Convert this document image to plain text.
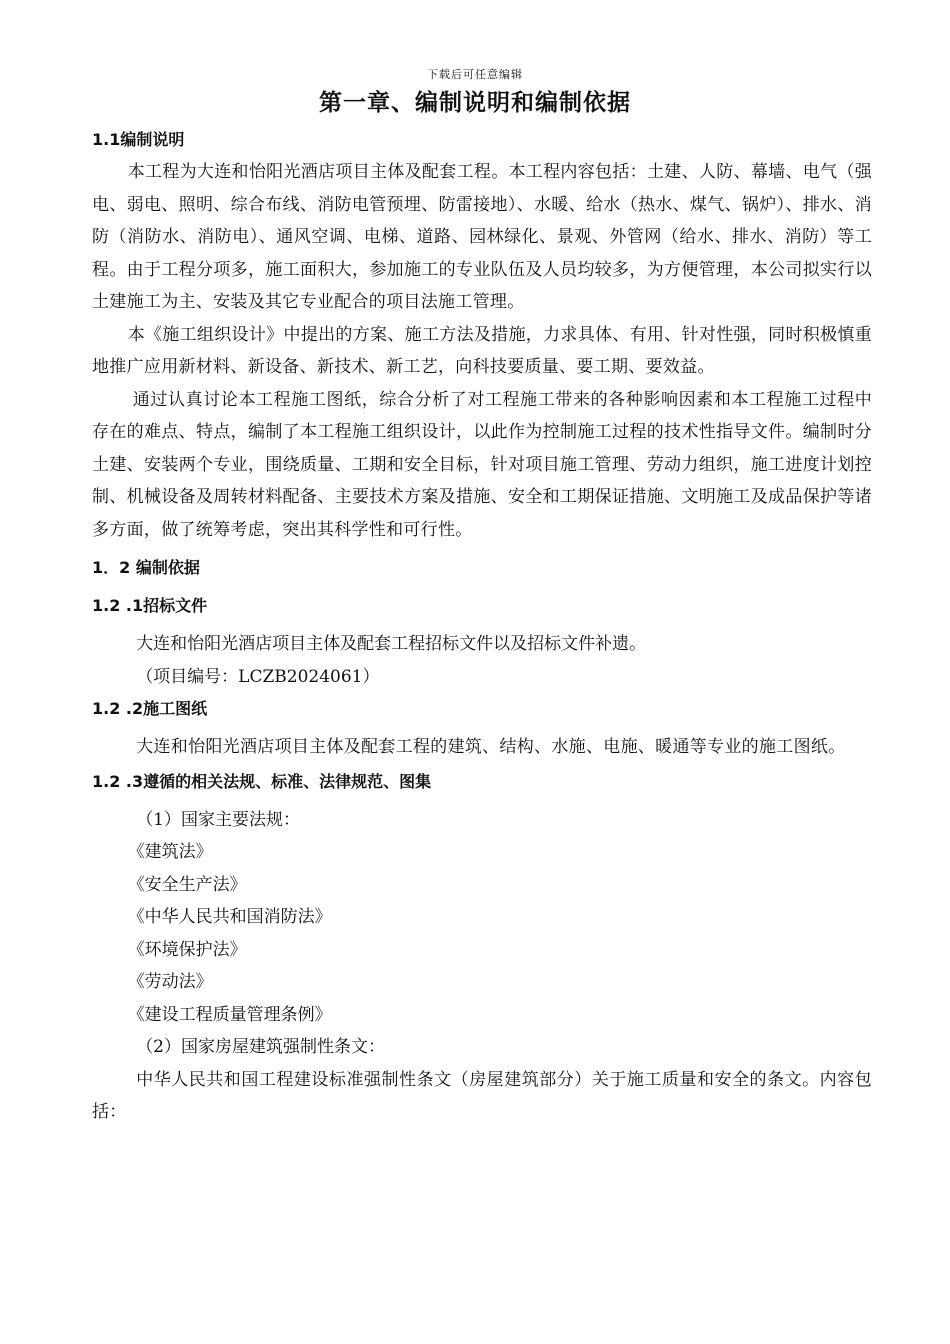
下载后可任意编辑
第一章、编制说明和编制依据
1.1编制说明

本工程为大连和怡阳光酒店项目主体及配套工程。本工程内容包括：土建、人防、幕墙、电气（强电、弱电、照明、综合布线、消防电管预埋、防雷接地）、水暖、给水（热水、煤气、锅炉）、排水、消防（消防水、消防电）、通风空调、电梯、道路、园林绿化、景观、外管网（给水、排水、消防）等工程。由于工程分项多，施工面积大，参加施工的专业队伍及人员均较多，为方便管理，本公司拟实行以土建施工为主、安装及其它专业配合的项目法施工管理。

本《施工组织设计》中提出的方案、施工方法及措施，力求具体、有用、针对性强，同时积极慎重地推广应用新材料、新设备、新技术、新工艺，向科技要质量、要工期、要效益。

通过认真讨论本工程施工图纸，综合分析了对工程施工带来的各种影响因素和本工程施工过程中存在的难点、特点，编制了本工程施工组织设计，以此作为控制施工过程的技术性指导文件。编制时分土建、安装两个专业，围绕质量、工期和安全目标，针对项目施工管理、劳动力组织，施工进度计划控制、机械设备及周转材料配备、主要技术方案及措施、安全和工期保证措施、文明施工及成品保护等诸多方面，做了统筹考虑，突出其科学性和可行性。

1．2 编制依据
1.2 .1招标文件

大连和怡阳光酒店项目主体及配套工程招标文件以及招标文件补遗。

（项目编号：LCZB2024061）

1.2 .2施工图纸

大连和怡阳光酒店项目主体及配套工程的建筑、结构、水施、电施、暖通等专业的施工图纸。

1.2 .3遵循的相关法规、标准、法律规范、图集

（1）国家主要法规：

《建筑法》

《安全生产法》

《中华人民共和国消防法》

《环境保护法》

《劳动法》

《建设工程质量管理条例》

（2）国家房屋建筑强制性条文：

中华人民共和国工程建设标准强制性条文（房屋建筑部分）关于施工质量和安全的条文。内容包括：
